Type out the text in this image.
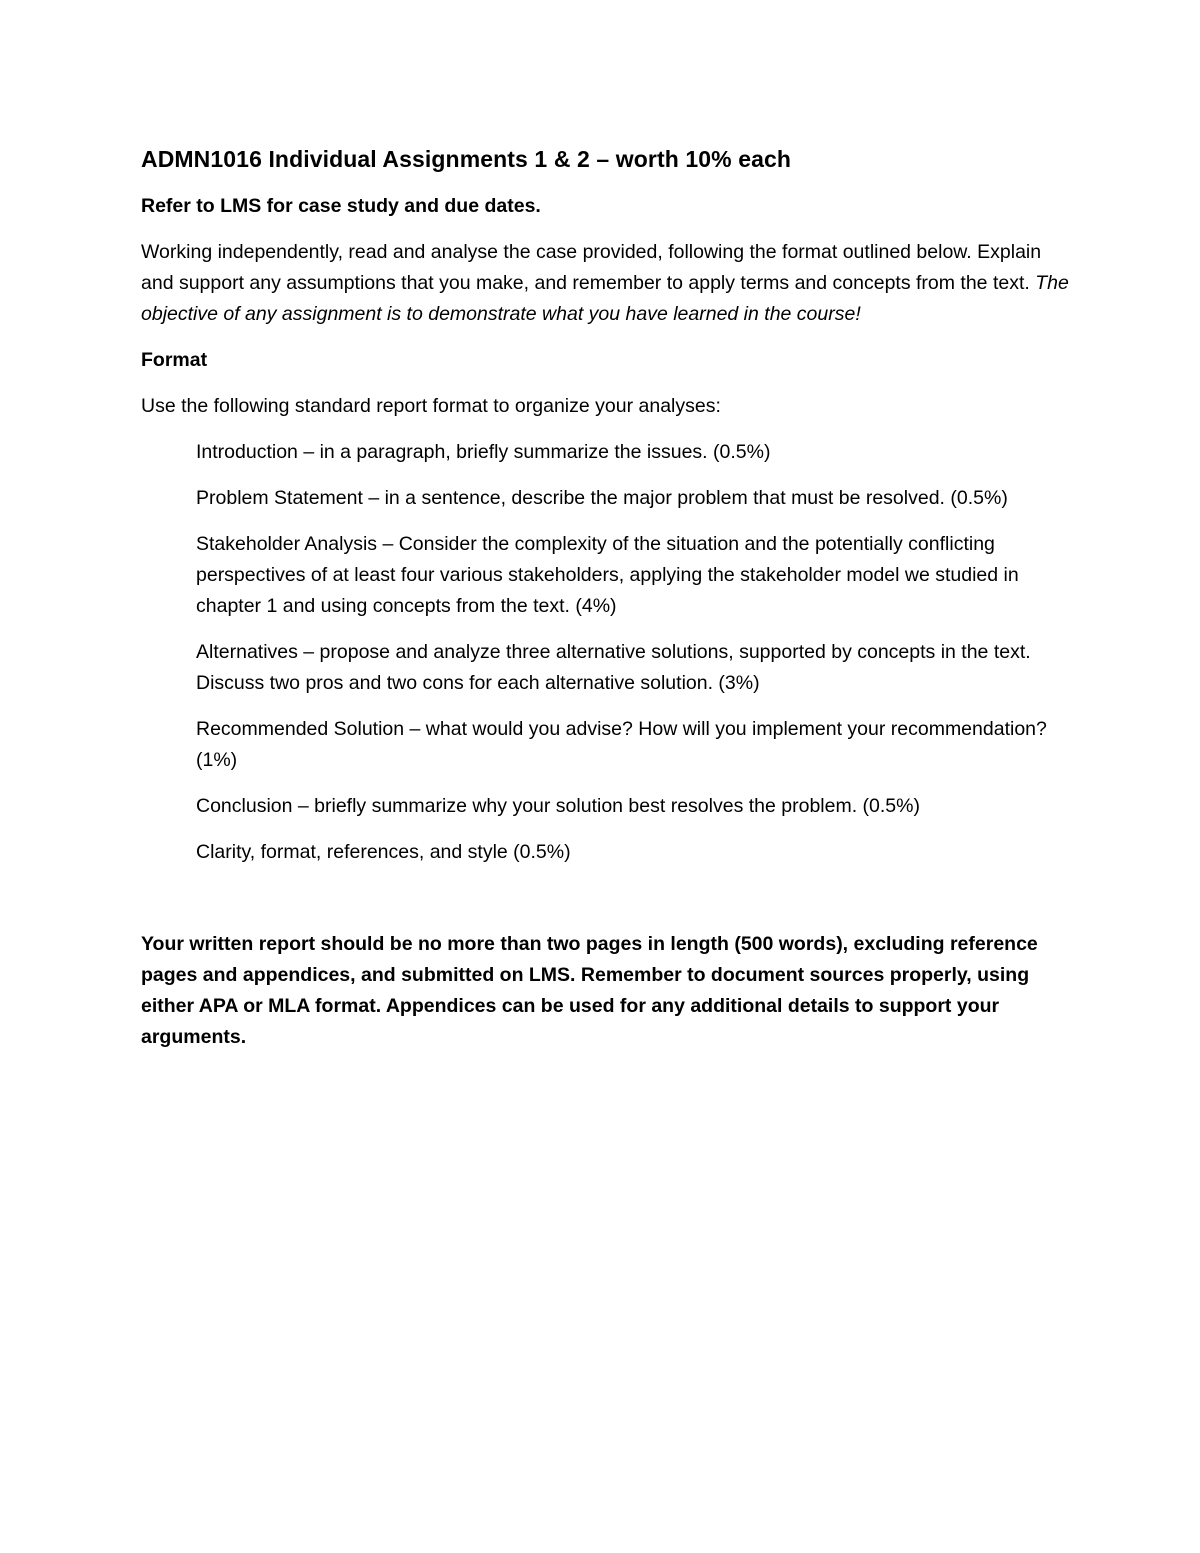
ADMN1016 Individual Assignments 1 & 2 – worth 10% each
Refer to LMS for case study and due dates.
Working independently, read and analyse the case provided, following the format outlined below. Explain and support any assumptions that you make, and remember to apply terms and concepts from the text. The objective of any assignment is to demonstrate what you have learned in the course!
Format
Use the following standard report format to organize your analyses:
Introduction – in a paragraph, briefly summarize the issues. (0.5%)
Problem Statement – in a sentence, describe the major problem that must be resolved. (0.5%)
Stakeholder Analysis – Consider the complexity of the situation and the potentially conflicting perspectives of at least four various stakeholders, applying the stakeholder model we studied in chapter 1 and using concepts from the text. (4%)
Alternatives – propose and analyze three alternative solutions, supported by concepts in the text. Discuss two pros and two cons for each alternative solution. (3%)
Recommended Solution – what would you advise? How will you implement your recommendation? (1%)
Conclusion – briefly summarize why your solution best resolves the problem. (0.5%)
Clarity, format, references, and style (0.5%)
Your written report should be no more than two pages in length (500 words), excluding reference pages and appendices, and submitted on LMS. Remember to document sources properly, using either APA or MLA format. Appendices can be used for any additional details to support your arguments.
